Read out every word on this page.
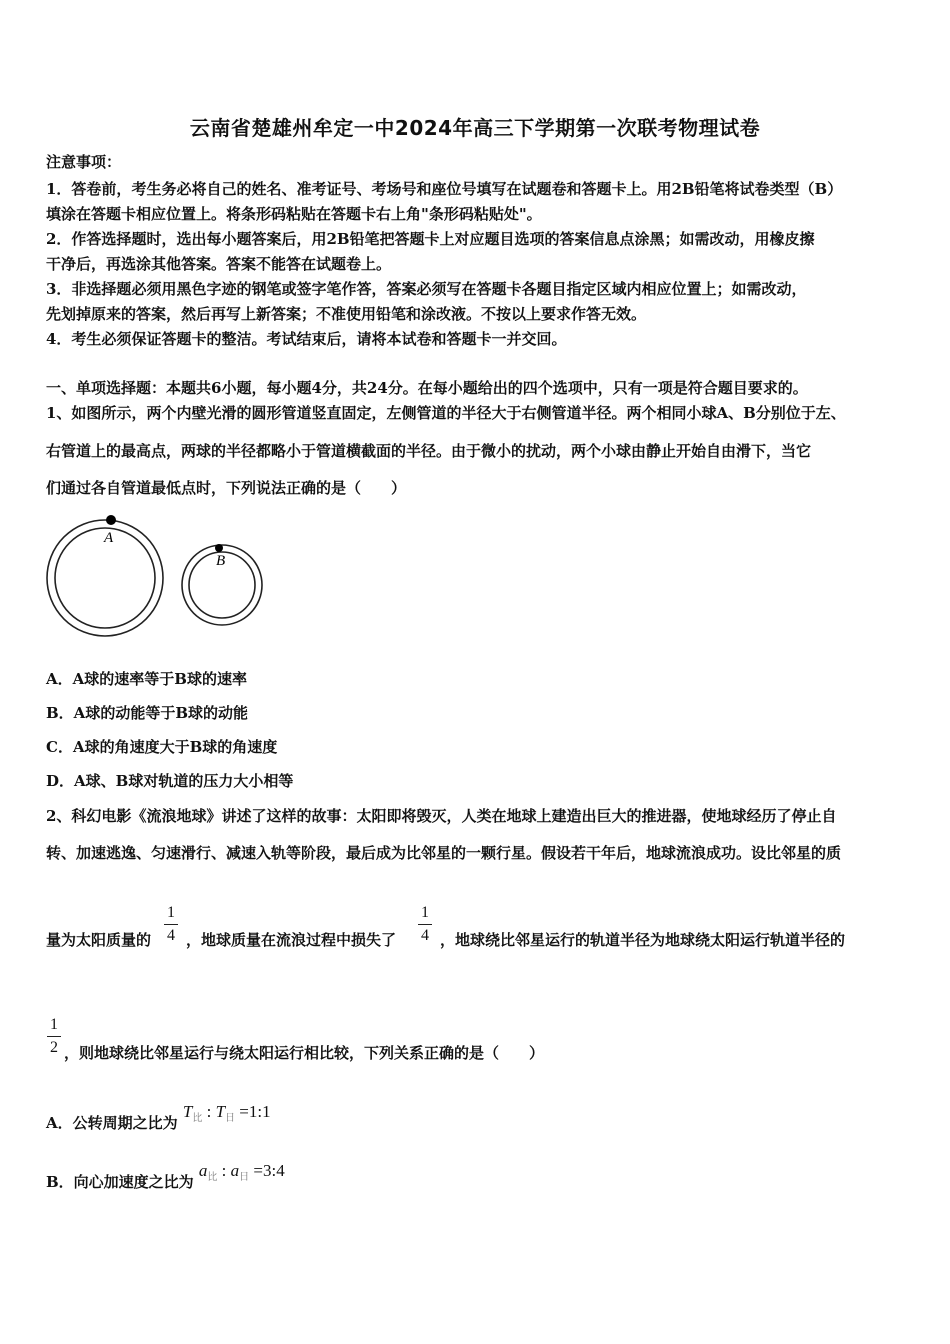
云南省楚雄州牟定一中2024年高三下学期第一次联考物理试卷
注意事项：
1．答卷前，考生务必将自己的姓名、准考证号、考场号和座位号填写在试题卷和答题卡上。用2B铅笔将试卷类型（B）
填涂在答题卡相应位置上。将条形码粘贴在答题卡右上角"条形码粘贴处"。
2．作答选择题时，选出每小题答案后，用2B铅笔把答题卡上对应题目选项的答案信息点涂黑；如需改动，用橡皮擦
干净后，再选涂其他答案。答案不能答在试题卷上。
3．非选择题必须用黑色字迹的钢笔或签字笔作答，答案必须写在答题卡各题目指定区域内相应位置上；如需改动，
先划掉原来的答案，然后再写上新答案；不准使用铅笔和涂改液。不按以上要求作答无效。
4．考生必须保证答题卡的整洁。考试结束后，请将本试卷和答题卡一并交回。
一、单项选择题：本题共6小题，每小题4分，共24分。在每小题给出的四个选项中，只有一项是符合题目要求的。
1、如图所示，两个内壁光滑的圆形管道竖直固定，左侧管道的半径大于右侧管道半径。两个相同小球A、B分别位于左、
右管道上的最高点，两球的半径都略小于管道横截面的半径。由于微小的扰动，两个小球由静止开始自由滑下，当它
们通过各自管道最低点时，下列说法正确的是（　　）
A
B
A．A球的速率等于B球的速率
B．A球的动能等于B球的动能
C．A球的角速度大于B球的角速度
D．A球、B球对轨道的压力大小相等
2、科幻电影《流浪地球》讲述了这样的故事：太阳即将毁灭，人类在地球上建造出巨大的推进器，使地球经历了停止自
转、加速逃逸、匀速滑行、减速入轨等阶段，最后成为比邻星的一颗行星。假设若干年后，地球流浪成功。设比邻星的质
量为太阳质量的
1
4 ，地球质量在流浪过程中损失了
1
4 ，地球绕比邻星运行的轨道半径为地球绕太阳运行轨道半径的
1
2 ，则地球绕比邻星运行与绕太阳运行相比较，下列关系正确的是（　　）
A．公转周期之比为 $T_比$ : $T_日$ =1:1
B．向心加速度之比为 $a_比$ : $a_日$ =3:4
